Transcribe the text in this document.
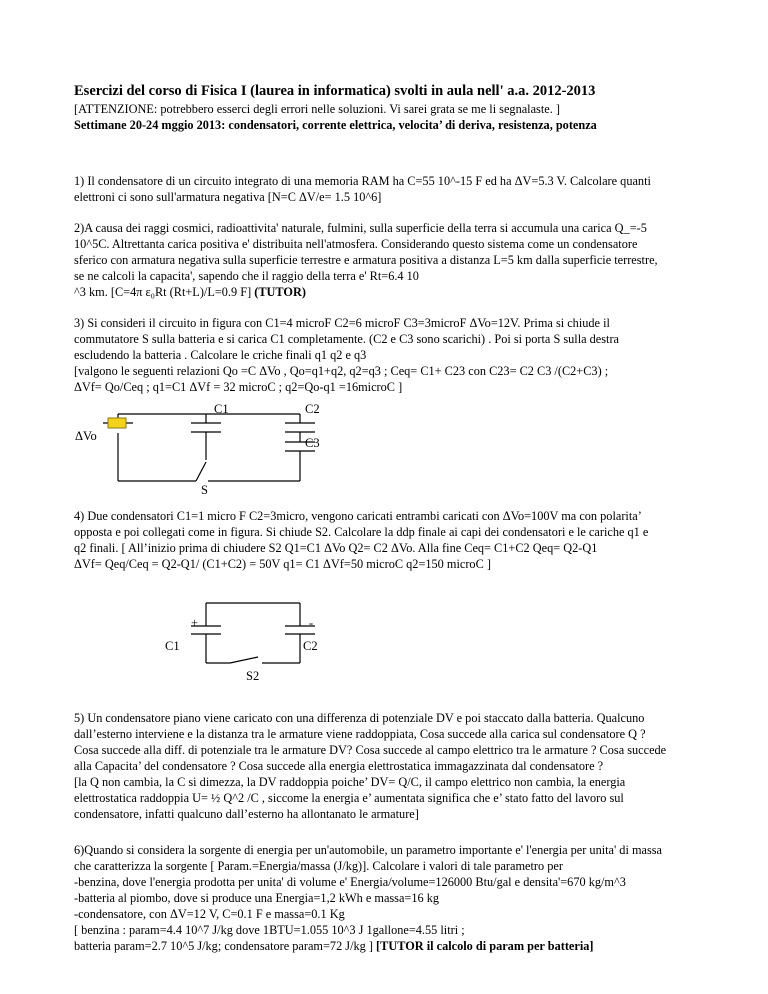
Esercizi del corso di Fisica I (laurea in informatica) svolti in aula nell' a.a. 2012-2013
[ATTENZIONE: potrebbero esserci degli errori nelle soluzioni. Vi sarei grata se me li segnalaste. ]
Settimane 20-24 mggio 2013: condensatori, corrente elettrica, velocita’ di deriva, resistenza, potenza
1) Il condensatore di un circuito integrato di una memoria RAM ha C=55 10^-15 F ed ha ΔV=5.3 V. Calcolare quanti
elettroni ci sono sull'armatura negativa [N=C ΔV/e= 1.5 10^6]
2)A causa dei raggi cosmici, radioattivita' naturale, fulmini, sulla superficie della terra si accumula una carica Q_=-5
10^5C. Altrettanta carica positiva e' distribuita nell'atmosfera. Considerando questo sistema come un condensatore
sferico con armatura negativa sulla superficie terrestre e armatura positiva a distanza L=5 km dalla superficie terrestre,
se ne calcoli la capacita', sapendo che il raggio della terra e' Rt=6.4 10
^3 km. [C=4π ε₀Rt (Rt+L)/L=0.9 F] (TUTOR)
3) Si consideri il circuito in figura con C1=4 microF C2=6 microF C3=3microF ΔVo=12V. Prima si chiude il
commutatore S sulla batteria e si carica C1 completamente. (C2 e C3 sono scarichi) . Poi si porta S sulla destra
escludendo la batteria . Calcolare le criche finali q1 q2 e q3
[valgono le seguenti relazioni Qo =C ΔVo , Qo=q1+q2, q2=q3 ; Ceq= C1+ C23 con C23= C2 C3 /(C2+C3) ;
ΔVf= Qo/Ceq ; q1=C1 ΔVf = 32 microC ; q2=Qo-q1 =16microC ]
ΔVo
C1	C2
C3
S
4) Due condensatori C1=1 micro F C2=3micro, vengono caricati entrambi caricati con ΔVo=100V ma con polarita’
opposta e poi collegati come in figura. Si chiude S2. Calcolare la ddp finale ai capi dei condensatori e le cariche q1 e
q2 finali. [ All’inizio prima di chiudere S2 Q1=C1 ΔVo Q2= C2 ΔVo. Alla fine Ceq= C1+C2 Qeq= Q2-Q1
ΔVf= Qeq/Ceq = Q2-Q1/ (C1+C2) = 50V q1= C1 ΔVf=50 microC q2=150 microC ]
+	-
C1	C2
S2
5) Un condensatore piano viene caricato con una differenza di potenziale DV e poi staccato dalla batteria. Qualcuno
dall’esterno interviene e la distanza tra le armature viene raddoppiata, Cosa succede alla carica sul condensatore Q ?
Cosa succede alla diff. di potenziale tra le armature DV? Cosa succede al campo elettrico tra le armature ? Cosa succede
alla Capacita’ del condensatore ? Cosa succede alla energia elettrostatica immagazzinata dal condensatore ?
[la Q non cambia, la C si dimezza, la DV raddoppia poiche’ DV= Q/C, il campo elettrico non cambia, la energia
elettrostatica raddoppia U= ½ Q^2 /C , siccome la energia e’ aumentata significa che e’ stato fatto del lavoro sul
condensatore, infatti qualcuno dall’esterno ha allontanato le armature]
6)Quando si considera la sorgente di energia per un'automobile, un parametro importante e' l'energia per unita' di massa
che caratterizza la sorgente [ Param.=Energia/massa (J/kg)]. Calcolare i valori di tale parametro per
-benzina, dove l'energia prodotta per unita' di volume e' Energia/volume=126000 Btu/gal e densita'=670 kg/m^3
-batteria al piombo, dove si produce una Energia=1,2 kWh e massa=16 kg
-condensatore, con ΔV=12 V, C=0.1 F e massa=0.1 Kg
[ benzina : param=4.4 10^7 J/kg dove 1BTU=1.055 10^3 J 1gallone=4.55 litri ;
batteria param=2.7 10^5 J/kg; condensatore param=72 J/kg ] [TUTOR il calcolo di param per batteria]
